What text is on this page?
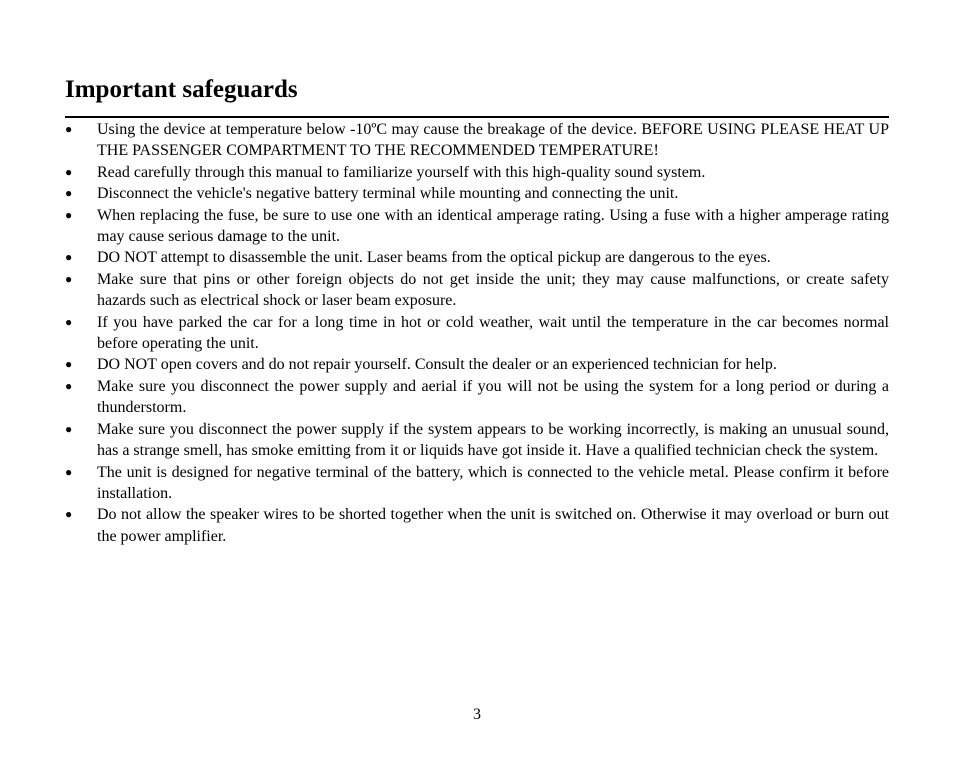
Important safeguards
● Using the device at temperature below -10ºC may cause the breakage of the device. BEFORE USING PLEASE HEAT UP THE PASSENGER COMPARTMENT TO THE RECOMMENDED TEMPERATURE!
● Read carefully through this manual to familiarize yourself with this high-quality sound system.
● Disconnect the vehicle's negative battery terminal while mounting and connecting the unit.
● When replacing the fuse, be sure to use one with an identical amperage rating. Using a fuse with a higher amperage rating may cause serious damage to the unit.
● DO NOT attempt to disassemble the unit. Laser beams from the optical pickup are dangerous to the eyes.
● Make sure that pins or other foreign objects do not get inside the unit; they may cause malfunctions, or create safety hazards such as electrical shock or laser beam exposure.
● If you have parked the car for a long time in hot or cold weather, wait until the temperature in the car becomes normal before operating the unit.
● DO NOT open covers and do not repair yourself. Consult the dealer or an experienced technician for help.
● Make sure you disconnect the power supply and aerial if you will not be using the system for a long period or during a thunderstorm.
● Make sure you disconnect the power supply if the system appears to be working incorrectly, is making an unusual sound, has a strange smell, has smoke emitting from it or liquids have got inside it. Have a qualified technician check the system.
● The unit is designed for negative terminal of the battery, which is connected to the vehicle metal. Please confirm it before installation.
● Do not allow the speaker wires to be shorted together when the unit is switched on. Otherwise it may overload or burn out the power amplifier.
3
